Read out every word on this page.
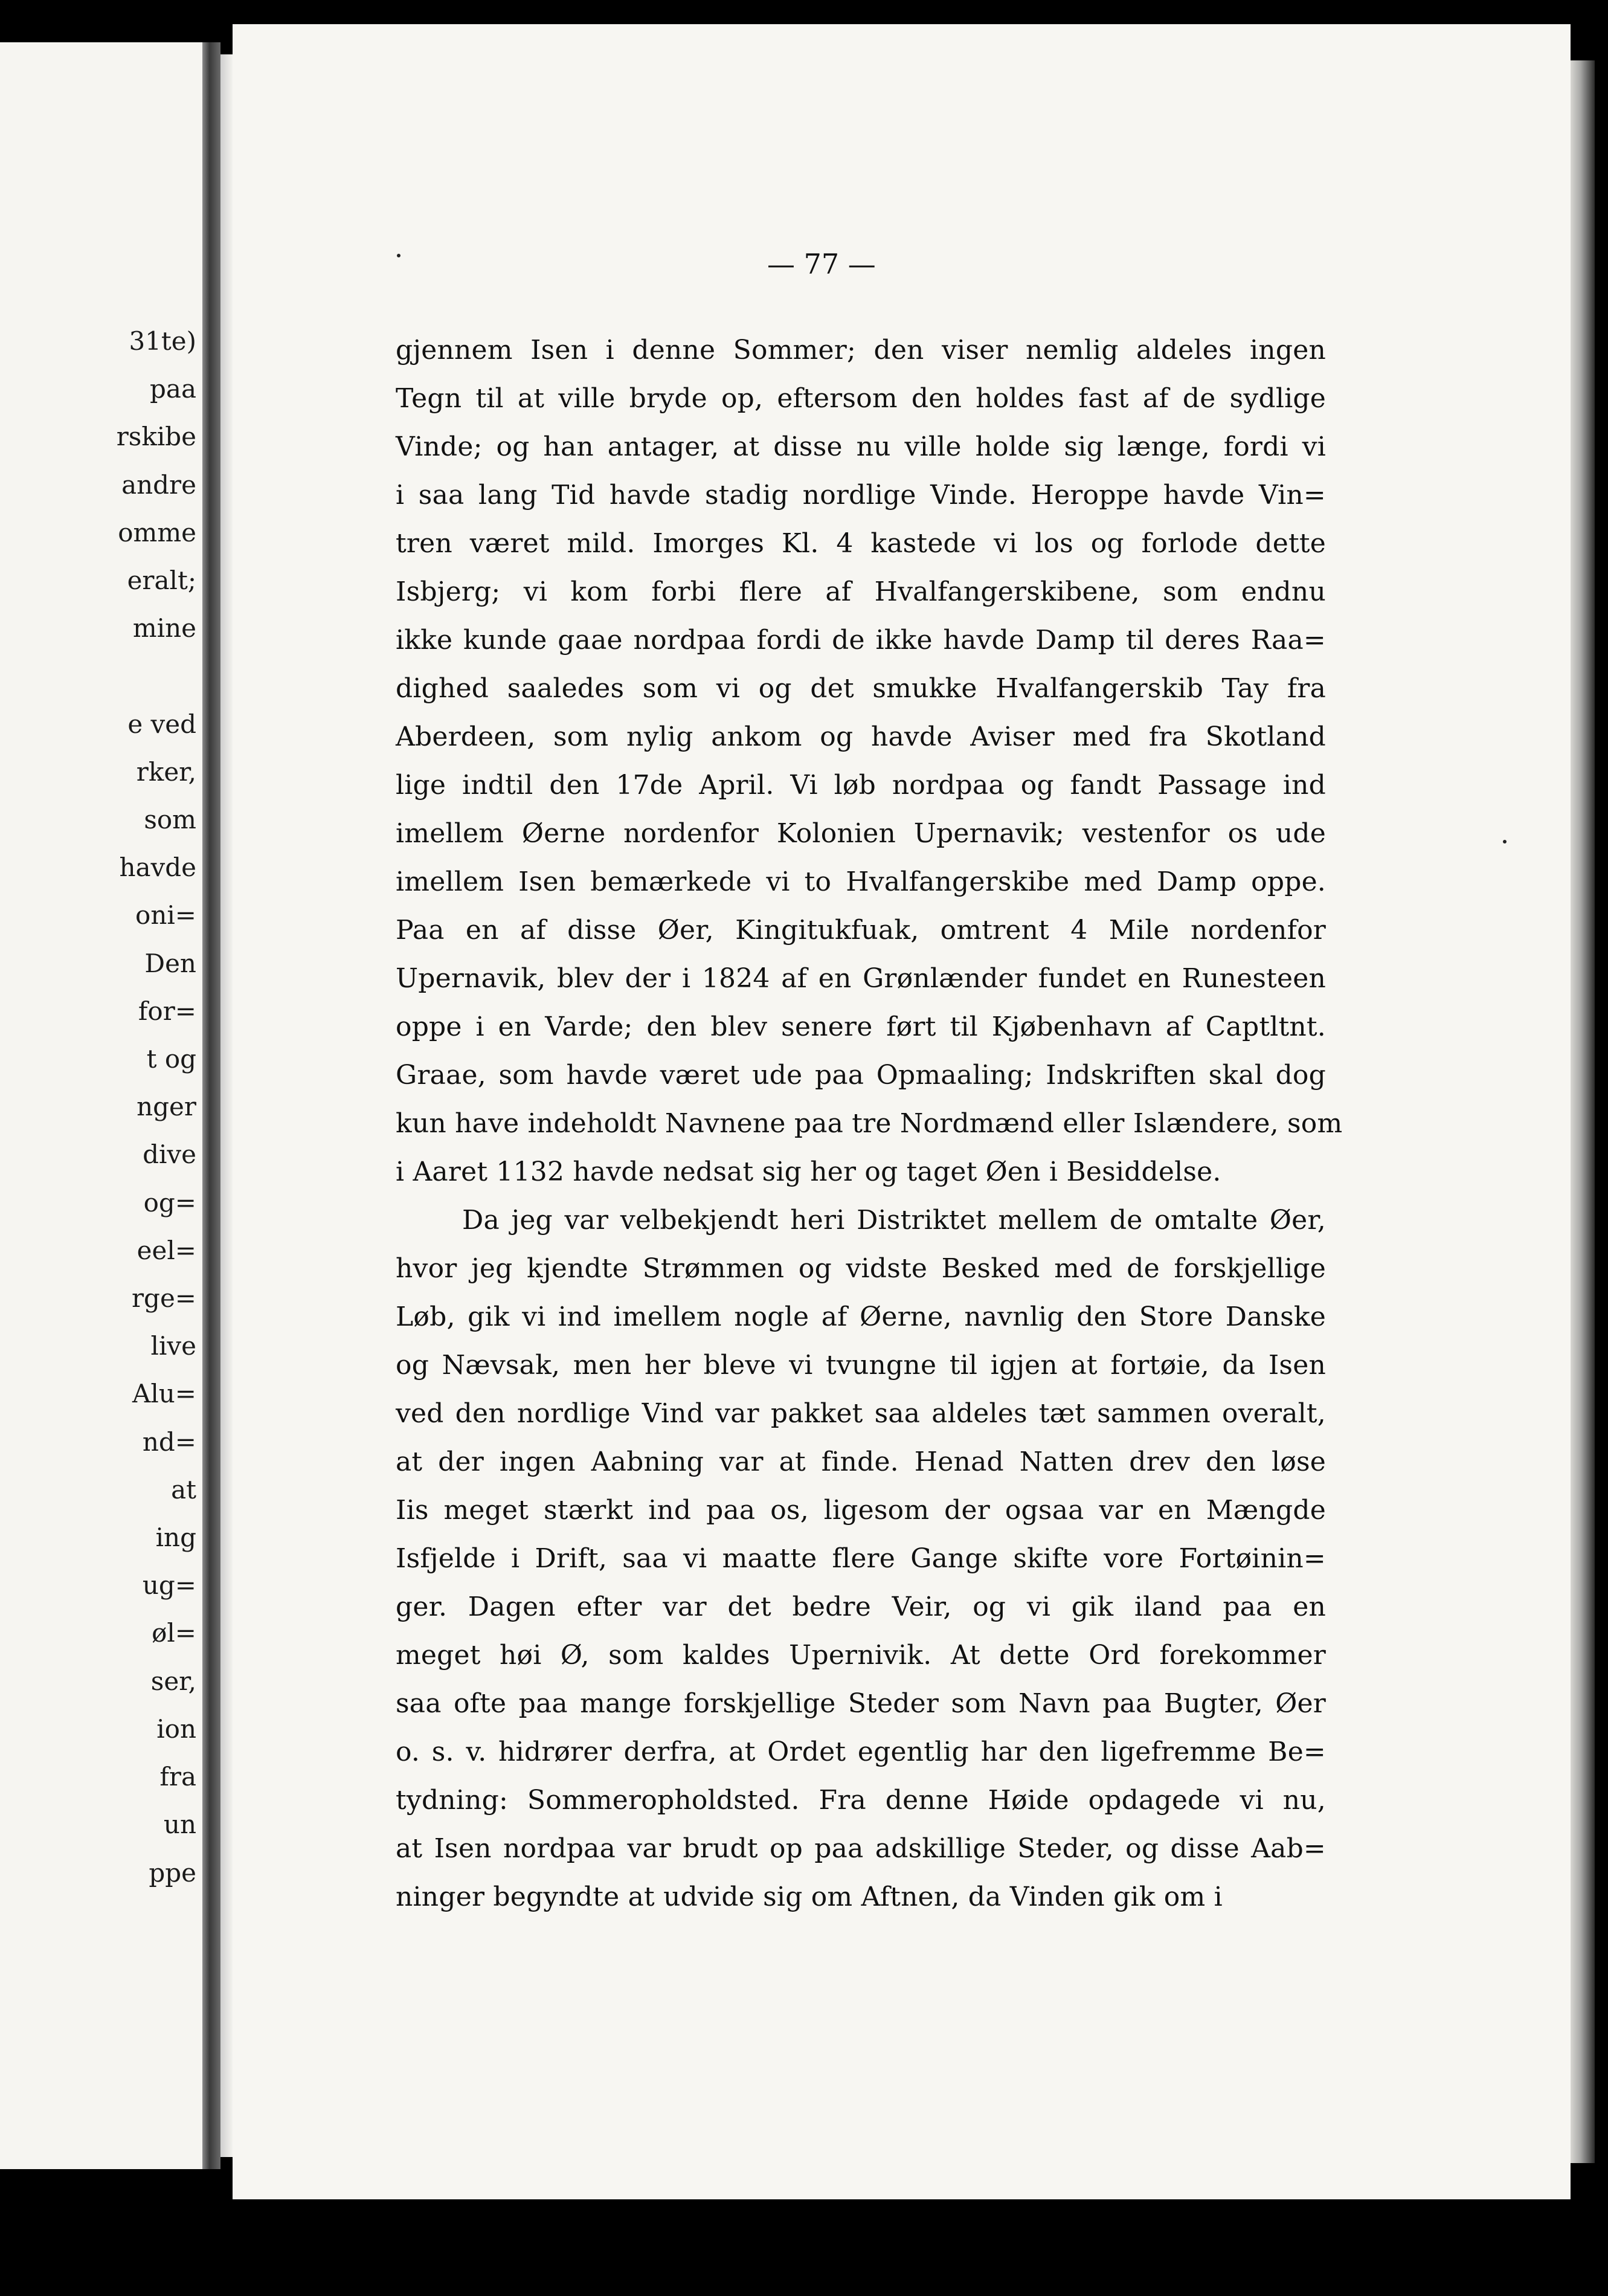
31te)
paa
rskibe
andre
omme
eralt;
mine

e ved
rker,
som
havde
oni=
Den
for=
t og
nger
dive
og=
eel=
rge=
live
Alu=
nd=
at
ing
ug=
øl=
ser,
ion
fra
un
ppe
— 77 —
gjennem Isen i denne Sommer; den viser nemlig aldeles ingen
Tegn til at ville bryde op, eftersom den holdes fast af de sydlige
Vinde; og han antager, at disse nu ville holde sig længe, fordi vi
i saa lang Tid havde stadig nordlige Vinde. Heroppe havde Vin=
tren været mild. Imorges Kl. 4 kastede vi los og forlode dette
Isbjerg; vi kom forbi flere af Hvalfangerskibene, som endnu
ikke kunde gaae nordpaa fordi de ikke havde Damp til deres Raa=
dighed saaledes som vi og det smukke Hvalfangerskib Tay fra
Aberdeen, som nylig ankom og havde Aviser med fra Skotland
lige indtil den 17de April. Vi løb nordpaa og fandt Passage ind
imellem Øerne nordenfor Kolonien Upernavik; vestenfor os ude
imellem Isen bemærkede vi to Hvalfangerskibe med Damp oppe.
Paa en af disse Øer, Kingitukfuak, omtrent 4 Mile nordenfor
Upernavik, blev der i 1824 af en Grønlænder fundet en Runesteen
oppe i en Varde; den blev senere ført til Kjøbenhavn af Captltnt.
Graae, som havde været ude paa Opmaaling; Indskriften skal dog
kun have indeholdt Navnene paa tre Nordmænd eller Islændere, som
i Aaret 1132 havde nedsat sig her og taget Øen i Besiddelse.
Da jeg var velbekjendt heri Distriktet mellem de omtalte Øer,
hvor jeg kjendte Strømmen og vidste Besked med de forskjellige
Løb, gik vi ind imellem nogle af Øerne, navnlig den Store Danske
og Nævsak, men her bleve vi tvungne til igjen at fortøie, da Isen
ved den nordlige Vind var pakket saa aldeles tæt sammen overalt,
at der ingen Aabning var at finde. Henad Natten drev den løse
Iis meget stærkt ind paa os, ligesom der ogsaa var en Mængde
Isfjelde i Drift, saa vi maatte flere Gange skifte vore Fortøinin=
ger. Dagen efter var det bedre Veir, og vi gik iland paa en
meget høi Ø, som kaldes Upernivik. At dette Ord forekommer
saa ofte paa mange forskjellige Steder som Navn paa Bugter, Øer
o. s. v. hidrører derfra, at Ordet egentlig har den ligefremme Be=
tydning: Sommeropholdsted. Fra denne Høide opdagede vi nu,
at Isen nordpaa var brudt op paa adskillige Steder, og disse Aab=
ninger begyndte at udvide sig om Aftnen, da Vinden gik om i
